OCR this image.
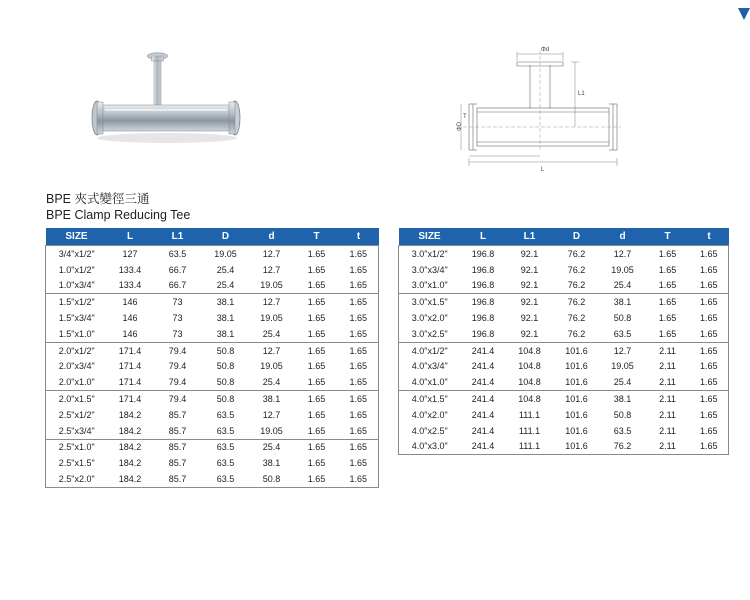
Φd
ΦD
L1
T
L
BPE 夾式變徑三通
BPE Clamp Reducing Tee
SIZE	L	L1	D	d	T	t
3/4"x1/2"	127	63.5	19.05	12.7	1.65	1.65
1.0"x1/2"	133.4	66.7	25.4	12.7	1.65	1.65
1.0"x3/4"	133.4	66.7	25.4	19.05	1.65	1.65
1.5"x1/2"	146	73	38.1	12.7	1.65	1.65
1.5"x3/4"	146	73	38.1	19.05	1.65	1.65
1.5"x1.0"	146	73	38.1	25.4	1.65	1.65
2.0"x1/2"	171.4	79.4	50.8	12.7	1.65	1.65
2.0"x3/4"	171.4	79.4	50.8	19.05	1.65	1.65
2.0"x1.0"	171.4	79.4	50.8	25.4	1.65	1.65
2.0"x1.5"	171.4	79.4	50.8	38.1	1.65	1.65
2.5"x1/2"	184.2	85.7	63.5	12.7	1.65	1.65
2.5"x3/4"	184.2	85.7	63.5	19.05	1.65	1.65
2.5"x1.0"	184.2	85.7	63.5	25.4	1.65	1.65
2.5"x1.5"	184.2	85.7	63.5	38.1	1.65	1.65
2.5"x2.0"	184.2	85.7	63.5	50.8	1.65	1.65
SIZE	L	L1	D	d	T	t
3.0"x1/2"	196.8	92.1	76.2	12.7	1.65	1.65
3.0"x3/4"	196.8	92.1	76.2	19.05	1.65	1.65
3.0"x1.0"	196.8	92.1	76.2	25.4	1.65	1.65
3.0"x1.5"	196.8	92.1	76.2	38.1	1.65	1.65
3.0"x2.0"	196.8	92.1	76.2	50.8	1.65	1.65
3.0"x2.5"	196.8	92.1	76.2	63.5	1.65	1.65
4.0"x1/2"	241.4	104.8	101.6	12.7	2.11	1.65
4.0"x3/4"	241.4	104.8	101.6	19.05	2.11	1.65
4.0"x1.0"	241.4	104.8	101.6	25.4	2.11	1.65
4.0"x1.5"	241.4	104.8	101.6	38.1	2.11	1.65
4.0"x2.0"	241.4	111.1	101.6	50.8	2.11	1.65
4.0"x2.5"	241.4	111.1	101.6	63.5	2.11	1.65
4.0"x3.0"	241.4	111.1	101.6	76.2	2.11	1.65
